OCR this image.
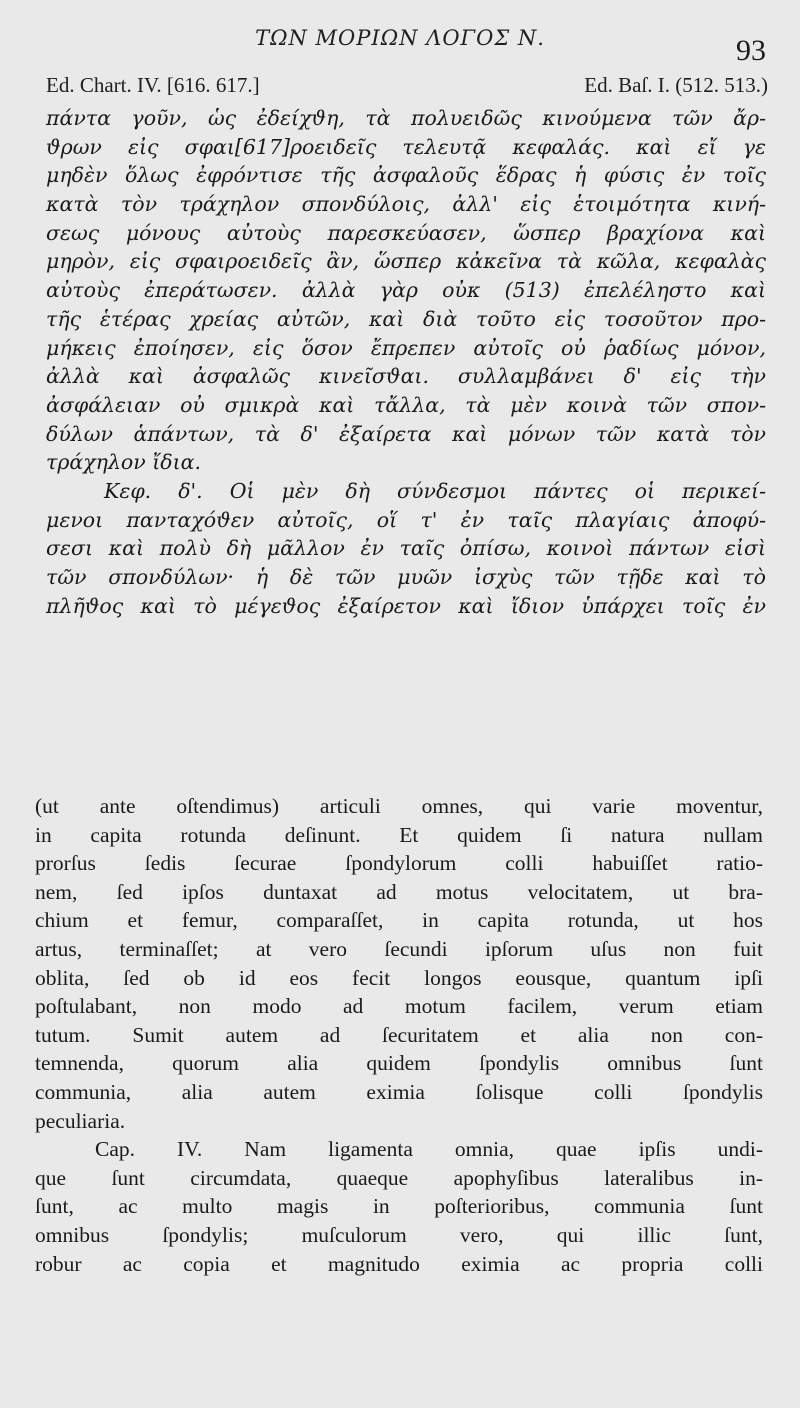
ΤΩΝ ΜΟΡΙΩΝ ΛΟΓΟΣ Ν.	93
Ed. Chart. IV. [616. 617.]	Ed. Baſ. I. (512. 513.)
πάντα γοῦν, ὡς ἐδείχϑη, τὰ πολυειδῶς κινούμενα τῶν ἄρ-
ϑρων εἰς σφαι[617]ροειδεῖς τελευτᾷ κεφαλάς. καὶ εἴ γε
μηδὲν ὅλως ἐφρόντισε τῆς ἀσφαλοῦς ἕδρας ἡ φύσις ἐν τοῖς
κατὰ τὸν τράχηλον σπονδύλοις, ἀλλ' εἰς ἑτοιμότητα κινή-
σεως μόνους αὐτοὺς παρεσκεύασεν, ὥσπερ βραχίονα καὶ
μηρὸν, εἰς σφαιροειδεῖς ἂν, ὥσπερ κἀκεῖνα τὰ κῶλα, κεφαλὰς
αὐτοὺς ἐπεράτωσεν. ἀλλὰ γὰρ οὐκ (513) ἐπελέληστο καὶ
τῆς ἑτέρας χρείας αὐτῶν, καὶ διὰ τοῦτο εἰς τοσοῦτον προ-
μήκεις ἐποίησεν, εἰς ὅσον ἔπρεπεν αὐτοῖς οὐ ῥαδίως μόνον,
ἀλλὰ καὶ ἀσφαλῶς κινεῖσϑαι. συλλαμβάνει δ' εἰς τὴν
ἀσφάλειαν οὐ σμικρὰ καὶ τἄλλα, τὰ μὲν κοινὰ τῶν σπον-
δύλων ἁπάντων, τὰ δ' ἐξαίρετα καὶ μόνων τῶν κατὰ τὸν
τράχηλον ἴδια.
Κεφ. δ'. Οἱ μὲν δὴ σύνδεσμοι πάντες οἱ περικεί-
μενοι πανταχόϑεν αὐτοῖς, οἵ τ' ἐν ταῖς πλαγίαις ἀποφύ-
σεσι καὶ πολὺ δὴ μᾶλλον ἐν ταῖς ὀπίσω, κοινοὶ πάντων εἰσὶ
τῶν σπονδύλων· ἡ δὲ τῶν μυῶν ἰσχὺς τῶν τῇδε καὶ τὸ
πλῆϑος καὶ τὸ μέγεϑος ἐξαίρετον καὶ ἴδιον ὑπάρχει τοῖς ἐν
(ut ante oſtendimus) articuli omnes, qui varie moventur,
in capita rotunda deſinunt. Et quidem ſi natura nullam
prorſus ſedis ſecurae ſpondylorum colli habuiſſet ratio-
nem, ſed ipſos duntaxat ad motus velocitatem, ut bra-
chium et femur, comparaſſet, in capita rotunda, ut hos
artus, terminaſſet; at vero ſecundi ipſorum uſus non fuit
oblita, ſed ob id eos fecit longos eousque, quantum ipſi
poſtulabant, non modo ad motum facilem, verum etiam
tutum. Sumit autem ad ſecuritatem et alia non con-
temnenda, quorum alia quidem ſpondylis omnibus ſunt
communia, alia autem eximia ſolisque colli ſpondylis
peculiaria.
Cap. IV. Nam ligamenta omnia, quae ipſis undi-
que ſunt circumdata, quaeque apophyſibus lateralibus in-
ſunt, ac multo magis in poſterioribus, communia ſunt
omnibus ſpondylis; muſculorum vero, qui illic ſunt,
robur ac copia et magnitudo eximia ac propria colli
